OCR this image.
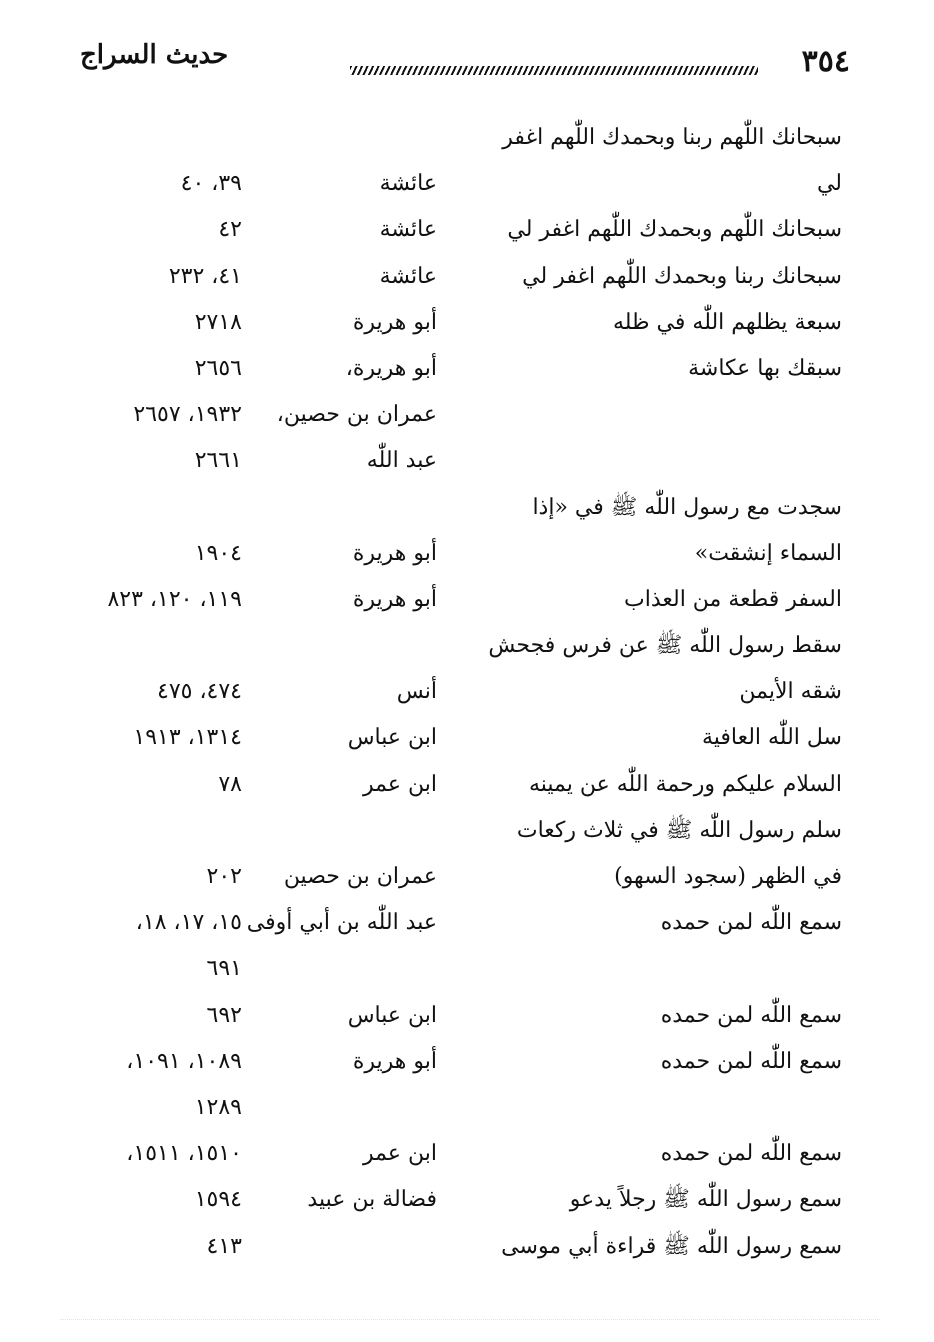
٣٥٤
حديث السراج
سبحانك اللّٰهم ربنا وبحمدك اللّٰهم اغفر
لي
عائشة
٣٩، ٤٠
سبحانك اللّٰهم وبحمدك اللّٰهم اغفر لي
عائشة
٤٢
سبحانك ربنا وبحمدك اللّٰهم اغفر لي
عائشة
٤١، ٢٣٢
سبعة يظلهم اللّٰه في ظله
أبو هريرة
٢٧١٨
سبقك بها عكاشة
أبو هريرة،
٢٦٥٦
عمران بن حصين،
١٩٣٢، ٢٦٥٧
عبد اللّٰه
٢٦٦١
سجدت مع رسول اللّٰه ﷺ في «إذا
السماء إنشقت»
أبو هريرة
١٩٠٤
السفر قطعة من العذاب
أبو هريرة
١١٩، ١٢٠، ٨٢٣
سقط رسول اللّٰه ﷺ عن فرس فجحش
شقه الأيمن
أنس
٤٧٤، ٤٧٥
سل اللّٰه العافية
ابن عباس
١٣١٤، ١٩١٣
السلام عليكم ورحمة اللّٰه عن يمينه
ابن عمر
٧٨
سلم رسول اللّٰه ﷺ في ثلاث ركعات
في الظهر (سجود السهو)
عمران بن حصين
٢٠٢
سمع اللّٰه لمن حمده
عبد اللّٰه بن أبي أوفى
١٥، ١٧، ١٨،
٦٩١
سمع اللّٰه لمن حمده
ابن عباس
٦٩٢
سمع اللّٰه لمن حمده
أبو هريرة
١٠٨٩، ١٠٩١،
١٢٨٩
سمع اللّٰه لمن حمده
ابن عمر
١٥١٠، ١٥١١،
سمع رسول اللّٰه ﷺ رجلاً يدعو
فضالة بن عبيد
١٥٩٤
سمع رسول اللّٰه ﷺ قراءة أبي موسى
٤١٣
